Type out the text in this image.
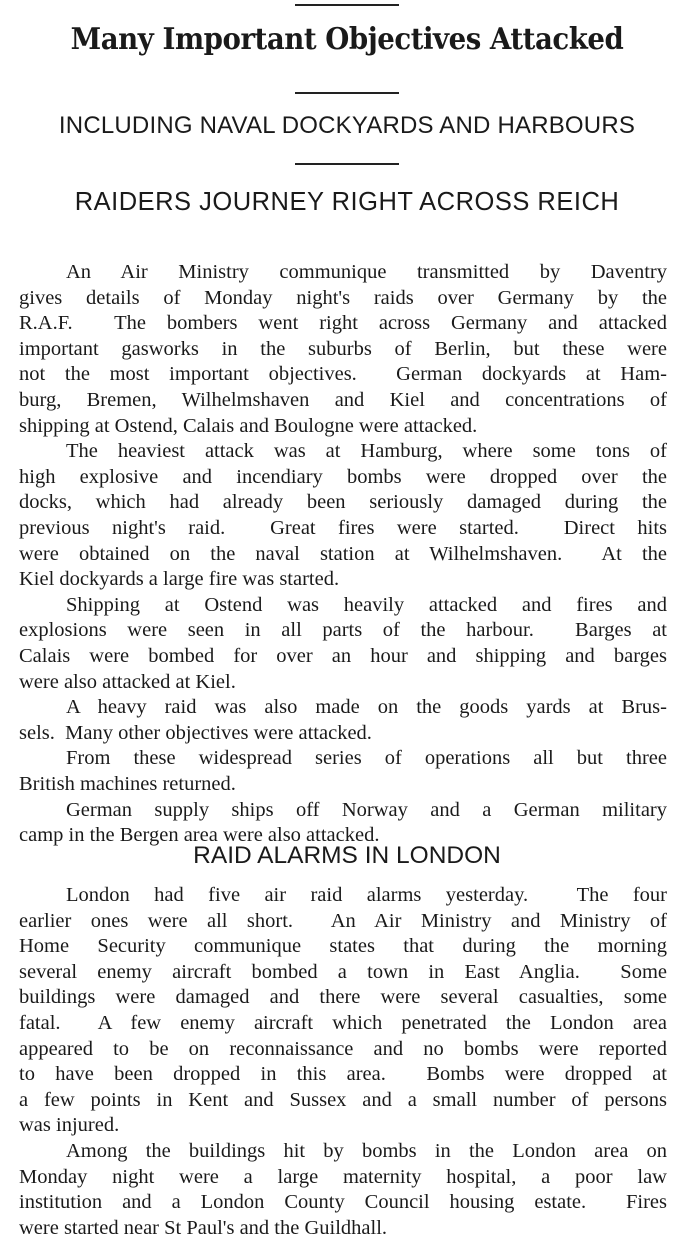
Many Important Objectives Attacked
INCLUDING NAVAL DOCKYARDS AND HARBOURS
RAIDERS JOURNEY RIGHT ACROSS REICH
An Air Ministry communique transmitted by Daventry
gives details of Monday night's raids over Germany by the
R.A.F.  The bombers went right across Germany and attacked
important gasworks in the suburbs of Berlin, but these were
not the most important objectives.  German dockyards at Ham-
burg, Bremen, Wilhelmshaven and Kiel and concentrations of
shipping at Ostend, Calais and Boulogne were attacked.
The heaviest attack was at Hamburg, where some tons of
high explosive and incendiary bombs were dropped over the
docks, which had already been seriously damaged during the
previous night's raid.  Great fires were started.  Direct hits
were obtained on the naval station at Wilhelmshaven.  At the
Kiel dockyards a large fire was started.
Shipping at Ostend was heavily attacked and fires and
explosions were seen in all parts of the harbour.  Barges at
Calais were bombed for over an hour and shipping and barges
were also attacked at Kiel.
A heavy raid was also made on the goods yards at Brus-
sels.  Many other objectives were attacked.
From these widespread series of operations all but three
British machines returned.
German supply ships off Norway and a German military
camp in the Bergen area were also attacked.
RAID ALARMS IN LONDON
London had five air raid alarms yesterday.  The four
earlier ones were all short.  An Air Ministry and Ministry of
Home Security communique states that during the morning
several enemy aircraft bombed a town in East Anglia.  Some
buildings were damaged and there were several casualties, some
fatal.  A few enemy aircraft which penetrated the London area
appeared to be on reconnaissance and no bombs were reported
to have been dropped in this area.  Bombs were dropped at
a few points in Kent and Sussex and a small number of persons
was injured.
Among the buildings hit by bombs in the London area on
Monday night were a large maternity hospital, a poor law
institution and a London County Council housing estate.  Fires
were started near St Paul's and the Guildhall.
